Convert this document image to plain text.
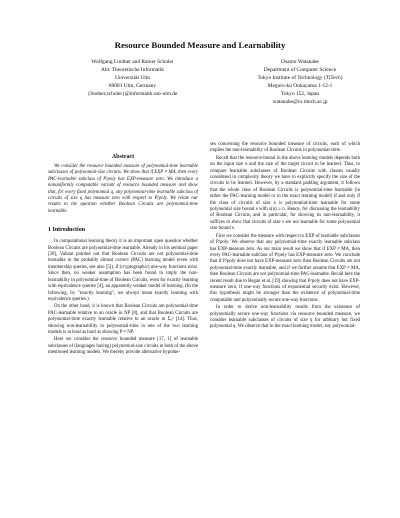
Resource Bounded Measure and Learnability
Wolfgang Lindner and Rainer Schuler
Abt. Theoretische Informatik
Universität Ulm
89081 Ulm, Germany
{lindner,schuler}@informatik.uni-ulm.de
Osamu Watanabe
Department of Computer Science
Tokyo Institute of Technology (TiTech)
Meguro-ku Ookayama 1-12-1
Tokyo 152, Japan
watanabe@cs.titech.ac.jp
Abstract

We consider the resource bounded measure of polynomial-time learnable subclasses of polynomial-size circuits. We show that if EXP ≠ MA, then every PAC-learnable subclass of P/poly has EXP-measure zero. We introduce a nonuniformly computable variant of resource bounded measure and show that, for every fixed polynomial q, any polynomial-time learnable subclass of circuits of size q has measure zero with respect to P/poly. We relate our results to the question whether Boolean Circuits are polynomial-time learnable.

1 Introduction

In computational learning theory it is an important open question whether Boolean Circuits are polynomial-time learnable. Already in his seminal paper [20], Valiant pointed out that Boolean Circuits are not polynomial-time learnable in the probably almost correct (PAC) learning model (even with membership queries, see also [5]), if (cryptographic) one-way functions exist. Since then, no weaker assumption has been found to imply the non-learnability in polynomial-time of Boolean Circuits, even for exactly learning with equivalence queries [4], an apparently weaker model of learning. (In the following, by "exactly learning", we always mean exactly learning with equivalence queries.)

On the other hand, it is known that Boolean Circuits are polynomial-time PAC-learnable relative to an oracle in NP [8], and that Boolean Circuits are polynomial-time exactly learnable relative to an oracle in Σ₃ᵖ [14]. Thus, showing non-learnability in polynomial-time in one of the two learning models is at least as hard as showing P ≠ NP.

Here we consider the resource bounded measure [17, 1] of learnable subclasses of (languages having) polynomial-size circuits in both of the above mentioned learning models. We thereby provide alternative hypothe-

ses concerning the resource bounded measure of circuits, each of which implies the non-learnability of Boolean Circuits in polynomial-time.

Recall that the resource-bound in the above learning models depends both on the input size n and the size of the target circuit to be learned. Thus, to compare learnable subclasses of Boolean Circuits with classes usually considered in complexity theory we have to explicitly specify the size of the circuits to be learned. However, by a standard padding argument, it follows that the whole class of Boolean Circuits is polynomial-time learnable (in either the PAC-learning model or in the exact learning model) if and only if the class of circuits of size n is polynomial-time learnable for some polynomial size bound s with s(n) ≥ n. Hence, for discussing the learnability of Boolean Circuits, and in particular, for showing its non-learnability, it suffices to show that circuits of size s are not learnable for some polynomial size bound s.

First we consider the measure with respect to EXP of learnable subclasses of P/poly. We observe that any polynomial-time exactly learnable subclass has EXP-measure zero. As our main result we show that if EXP ≠ MA, then every PAC-learnable subclass of P/poly has EXP-measure zero. We conclude that if P/poly does not have EXP-measure zero then Boolean Circuits are not polynomial-time exactly learnable, and if we further assume that EXP ≠ MA, then Boolean Circuits are not polynomial-time PAC-learnable. Recall here the recent result due to Regan et al. [19] showing that P/poly does not have EXP-measure zero, if one-way functions of exponential security exist. However, this hypothesis might be stronger than the existence of polynomial-time computable and polynomially secure one-way functions.

In order to derive non-learnability results from the existence of polynomially secure one-way functions via resource bounded measure, we consider learnable subclasses of circuits of size q for arbitrary but fixed polynomial q. We observe that in the exact learning model, any polynomial-
